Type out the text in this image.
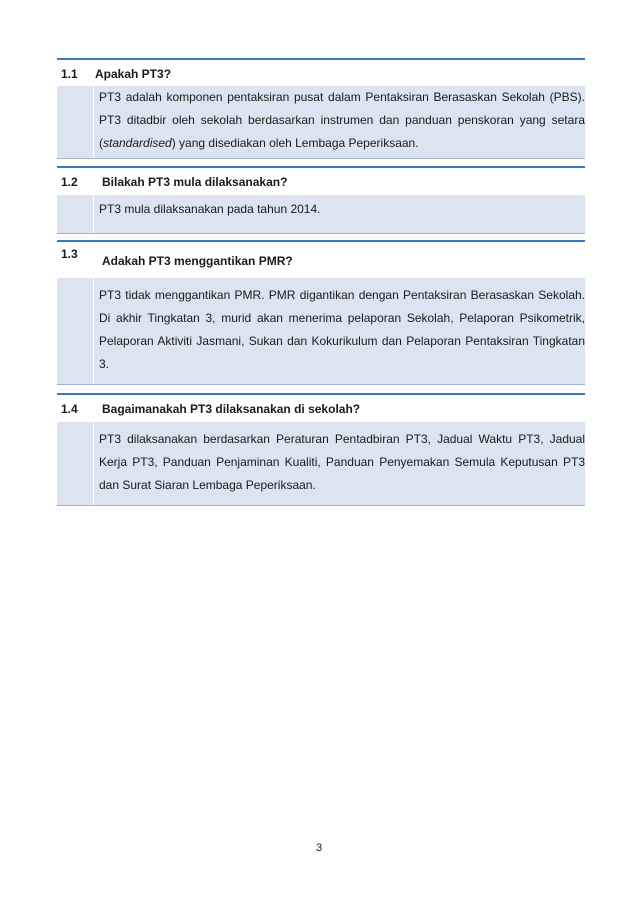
1.1 Apakah PT3?
PT3 adalah komponen pentaksiran pusat dalam Pentaksiran Berasaskan Sekolah (PBS). PT3 ditadbir oleh sekolah berdasarkan instrumen dan panduan penskoran yang setara (standardised) yang disediakan oleh Lembaga Peperiksaan.
1.2 Bilakah PT3 mula dilaksanakan?
PT3 mula dilaksanakan pada tahun 2014.
1.3 Adakah PT3 menggantikan PMR?
PT3 tidak menggantikan PMR. PMR digantikan dengan Pentaksiran Berasaskan Sekolah. Di akhir Tingkatan 3, murid akan menerima pelaporan Sekolah, Pelaporan Psikometrik, Pelaporan Aktiviti Jasmani, Sukan dan Kokurikulum dan Pelaporan Pentaksiran Tingkatan 3.
1.4 Bagaimanakah PT3 dilaksanakan di sekolah?
PT3 dilaksanakan berdasarkan Peraturan Pentadbiran PT3, Jadual Waktu PT3, Jadual Kerja PT3, Panduan Penjaminan Kualiti, Panduan Penyemakan Semula Keputusan PT3 dan Surat Siaran Lembaga Peperiksaan.
3
